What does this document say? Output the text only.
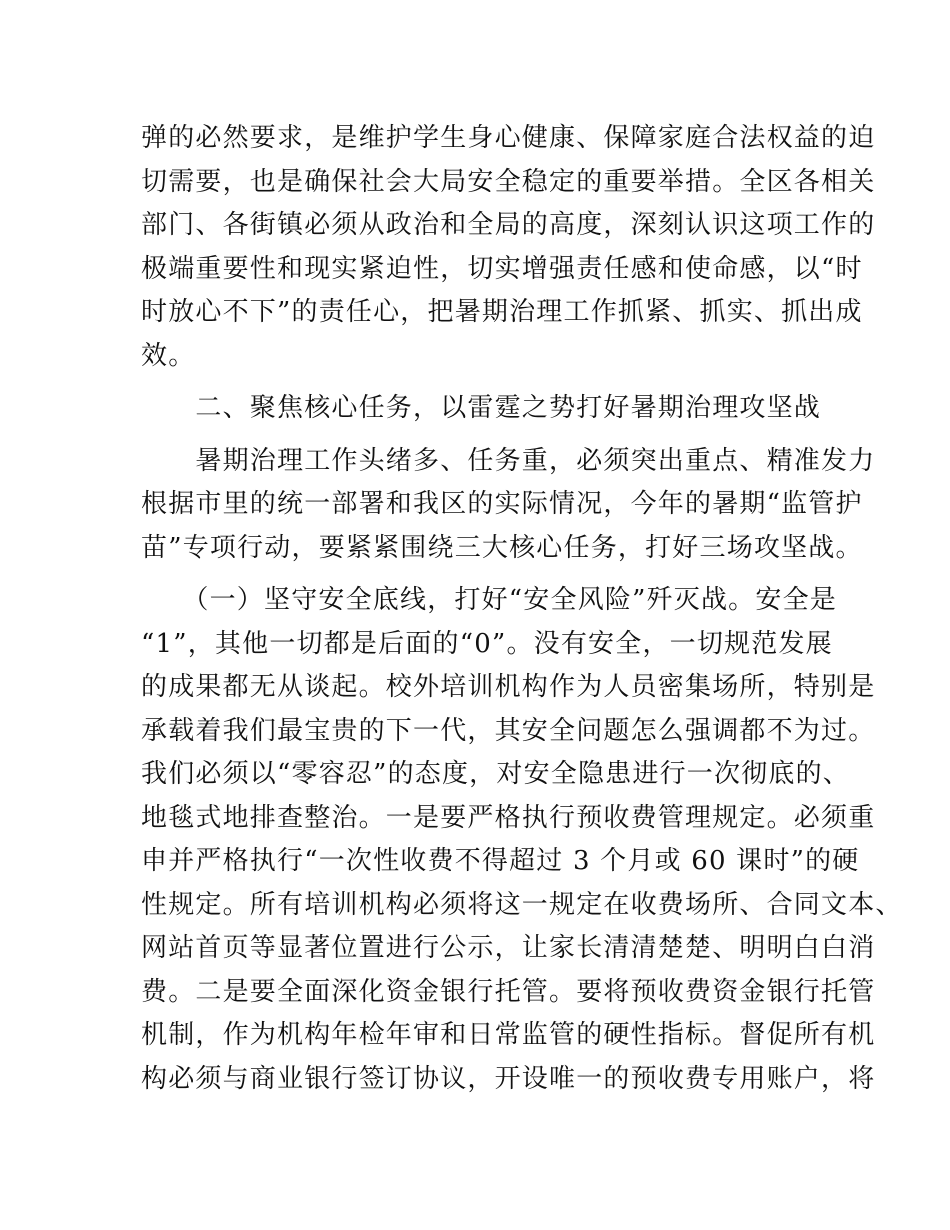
弹的必然要求，是维护学生身心健康、保障家庭合法权益的迫
切需要，也是确保社会大局安全稳定的重要举措。全区各相关
部门、各街镇必须从政治和全局的高度，深刻认识这项工作的
极端重要性和现实紧迫性，切实增强责任感和使命感，以“时
时放心不下”的责任心，把暑期治理工作抓紧、抓实、抓出成
效。
　　二、聚焦核心任务，以雷霆之势打好暑期治理攻坚战
　　暑期治理工作头绪多、任务重，必须突出重点、精准发力
根据市里的统一部署和我区的实际情况，今年的暑期“监管护
苗”专项行动，要紧紧围绕三大核心任务，打好三场攻坚战。
　　（一）坚守安全底线，打好“安全风险”歼灭战。安全是
“1”，其他一切都是后面的“0”。没有安全，一切规范发展
的成果都无从谈起。校外培训机构作为人员密集场所，特别是
承载着我们最宝贵的下一代，其安全问题怎么强调都不为过。
我们必须以“零容忍”的态度，对安全隐患进行一次彻底的、
地毯式地排查整治。一是要严格执行预收费管理规定。必须重
申并严格执行“一次性收费不得超过 3 个月或 60 课时”的硬
性规定。所有培训机构必须将这一规定在收费场所、合同文本、
网站首页等显著位置进行公示，让家长清清楚楚、明明白白消
费。二是要全面深化资金银行托管。要将预收费资金银行托管
机制，作为机构年检年审和日常监管的硬性指标。督促所有机
构必须与商业银行签订协议，开设唯一的预收费专用账户，将
